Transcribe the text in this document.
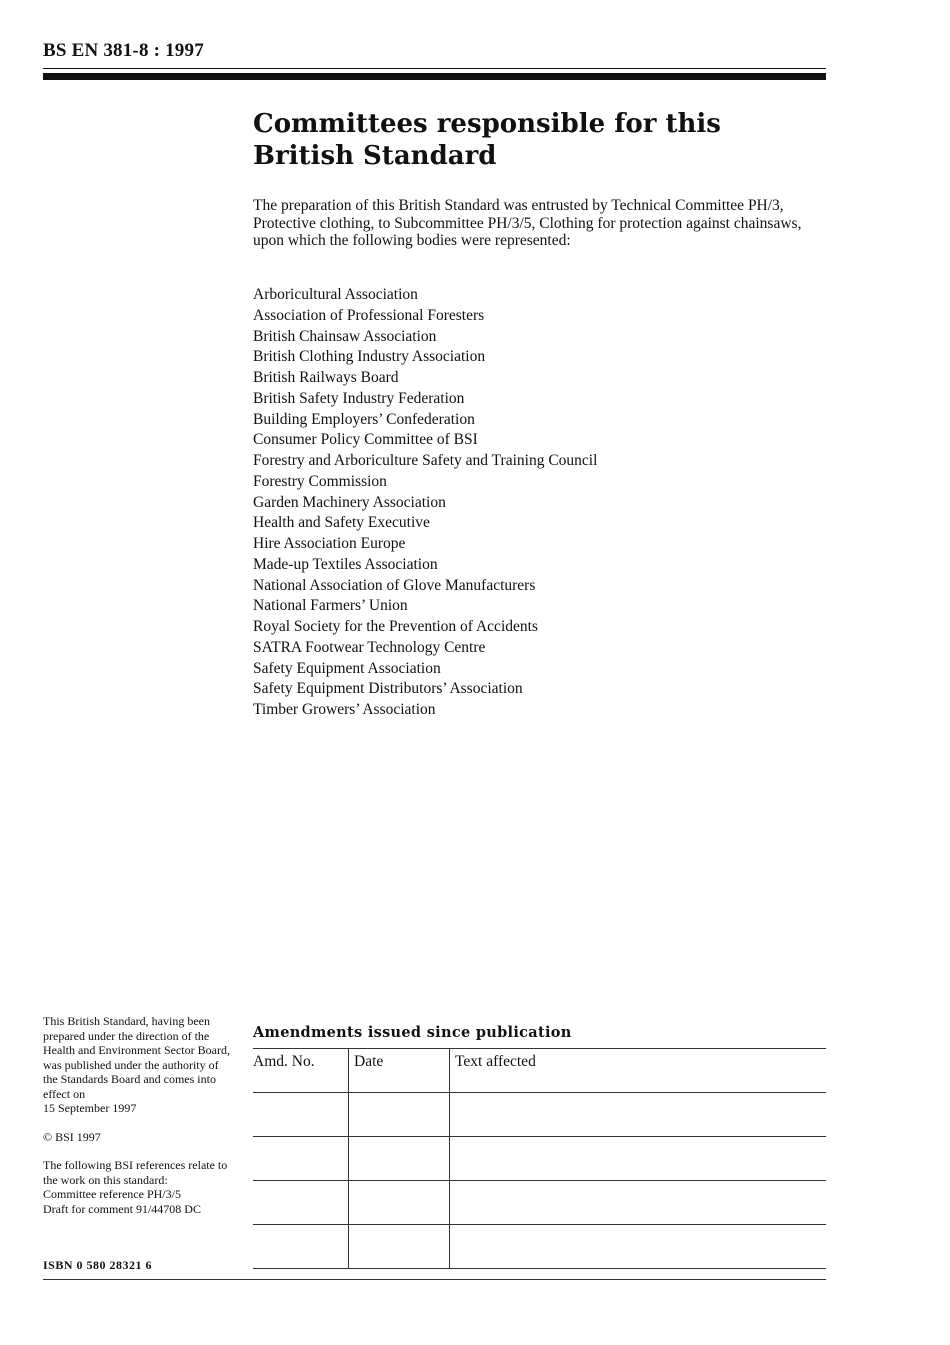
BS EN 381-8 : 1997
Committees responsible for this
British Standard

The preparation of this British Standard was entrusted by Technical Committee PH/3, Protective clothing, to Subcommittee PH/3/5, Clothing for protection against chainsaws, upon which the following bodies were represented:

Arboricultural Association
Association of Professional Foresters
British Chainsaw Association
British Clothing Industry Association
British Railways Board
British Safety Industry Federation
Building Employers’ Confederation
Consumer Policy Committee of BSI
Forestry and Arboriculture Safety and Training Council
Forestry Commission
Garden Machinery Association
Health and Safety Executive
Hire Association Europe
Made-up Textiles Association
National Association of Glove Manufacturers
National Farmers’ Union
Royal Society for the Prevention of Accidents
SATRA Footwear Technology Centre
Safety Equipment Association
Safety Equipment Distributors’ Association
Timber Growers’ Association

This British Standard, having been prepared under the direction of the Health and Environment Sector Board, was published under the authority of the Standards Board and comes into effect on

15 September 1997

© BSI 1997

The following BSI references relate to the work on this standard:

Committee reference PH/3/5

Draft for comment 91/44708 DC

ISBN 0 580 28321 6
Amendments issued since publication
Amd. No.	Date	Text affected
